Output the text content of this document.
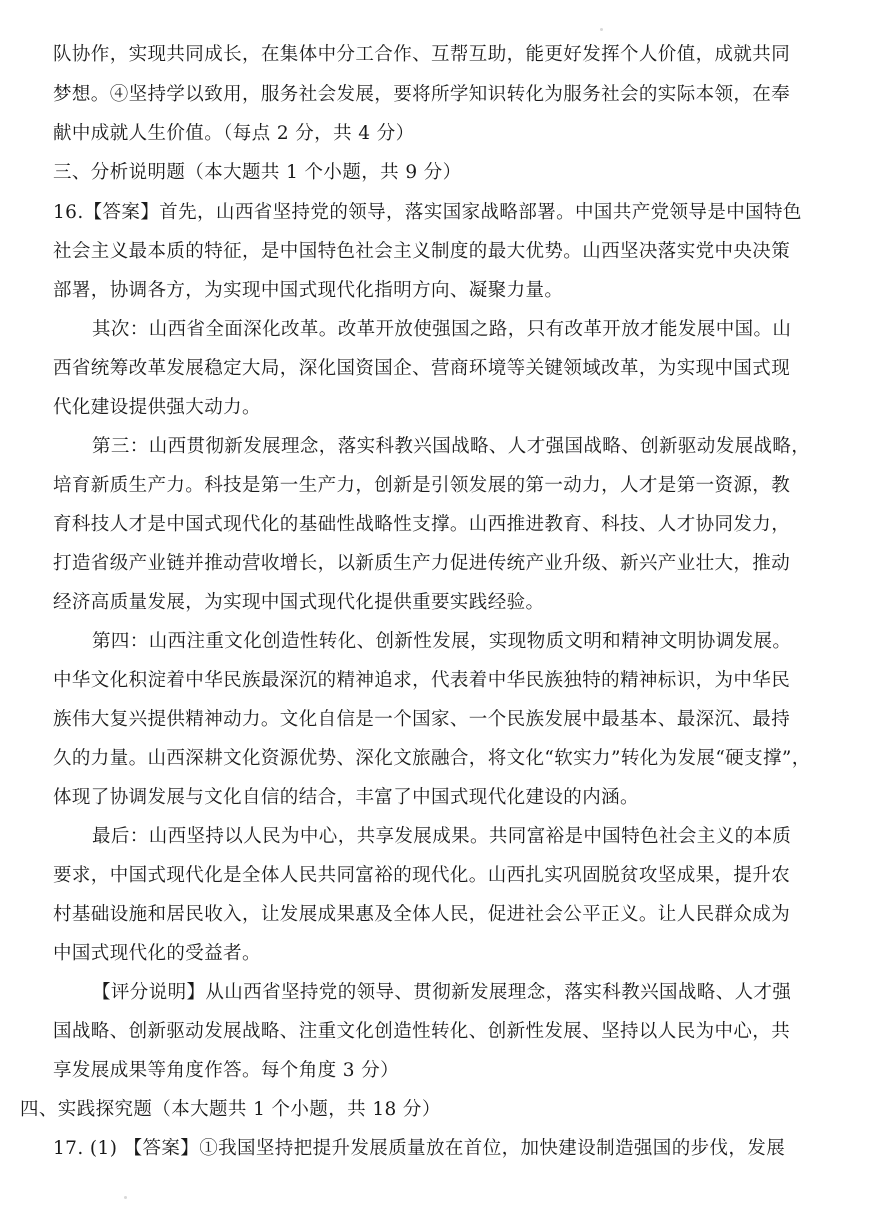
队协作，实现共同成长，在集体中分工合作、互帮互助，能更好发挥个人价值，成就共同
梦想。④坚持学以致用，服务社会发展，要将所学知识转化为服务社会的实际本领，在奉
献中成就人生价值。（每点 2 分，共 4 分）
三、分析说明题（本大题共 1 个小题，共 9 分）
16.【答案】首先，山西省坚持党的领导，落实国家战略部署。中国共产党领导是中国特色
社会主义最本质的特征，是中国特色社会主义制度的最大优势。山西坚决落实党中央决策
部署，协调各方，为实现中国式现代化指明方向、凝聚力量。
其次：山西省全面深化改革。改革开放使强国之路，只有改革开放才能发展中国。山
西省统筹改革发展稳定大局，深化国资国企、营商环境等关键领域改革，为实现中国式现
代化建设提供强大动力。
第三：山西贯彻新发展理念，落实科教兴国战略、人才强国战略、创新驱动发展战略，
培育新质生产力。科技是第一生产力，创新是引领发展的第一动力，人才是第一资源，教
育科技人才是中国式现代化的基础性战略性支撑。山西推进教育、科技、人才协同发力，
打造省级产业链并推动营收增长，以新质生产力促进传统产业升级、新兴产业壮大，推动
经济高质量发展，为实现中国式现代化提供重要实践经验。
第四：山西注重文化创造性转化、创新性发展，实现物质文明和精神文明协调发展。
中华文化积淀着中华民族最深沉的精神追求，代表着中华民族独特的精神标识，为中华民
族伟大复兴提供精神动力。文化自信是一个国家、一个民族发展中最基本、最深沉、最持
久的力量。山西深耕文化资源优势、深化文旅融合，将文化“软实力”转化为发展“硬支撑”，
体现了协调发展与文化自信的结合，丰富了中国式现代化建设的内涵。
最后：山西坚持以人民为中心，共享发展成果。共同富裕是中国特色社会主义的本质
要求，中国式现代化是全体人民共同富裕的现代化。山西扎实巩固脱贫攻坚成果，提升农
村基础设施和居民收入，让发展成果惠及全体人民，促进社会公平正义。让人民群众成为
中国式现代化的受益者。
【评分说明】从山西省坚持党的领导、贯彻新发展理念，落实科教兴国战略、人才强
国战略、创新驱动发展战略、注重文化创造性转化、创新性发展、坚持以人民为中心，共
享发展成果等角度作答。每个角度 3 分）
四、实践探究题（本大题共 1 个小题，共 18 分）
17. (1) 【答案】①我国坚持把提升发展质量放在首位，加快建设制造强国的步伐，发展
